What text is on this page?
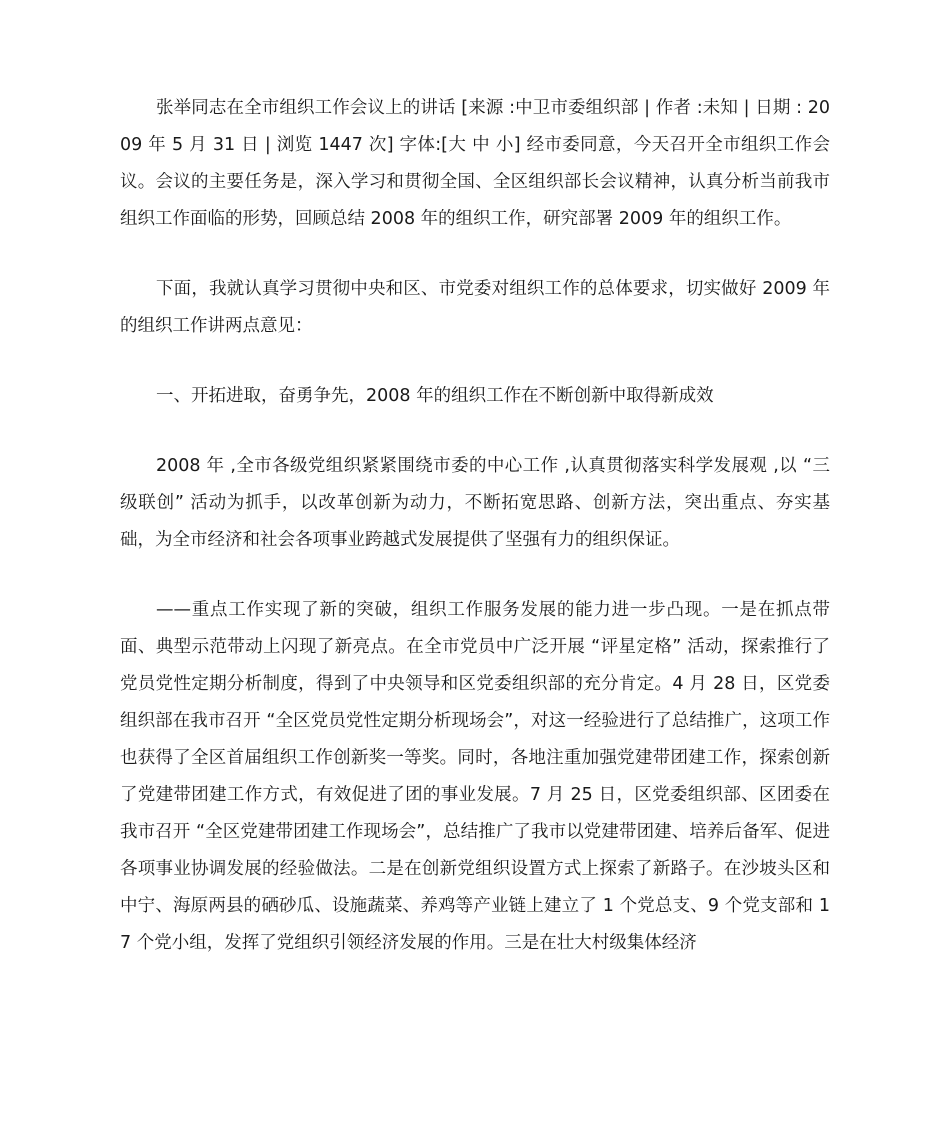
张举同志在全市组织工作会议上的讲话 [来源 :中卫市委组织部 | 作者 :未知 | 日期 : 2009 年 5 月 31 日 | 浏览 1447 次] 字体:[大 中 小] 经市委同意，今天召开全市组织工作会议。会议的主要任务是，深入学习和贯彻全国、全区组织部长会议精神，认真分析当前我市组织工作面临的形势，回顾总结 2008 年的组织工作，研究部署 2009 年的组织工作。

下面，我就认真学习贯彻中央和区、市党委对组织工作的总体要求，切实做好 2009 年的组织工作讲两点意见：

一、开拓进取，奋勇争先，2008 年的组织工作在不断创新中取得新成效

2008 年 ,全市各级党组织紧紧围绕市委的中心工作 ,认真贯彻落实科学发展观 ,以 “三级联创” 活动为抓手，以改革创新为动力，不断拓宽思路、创新方法，突出重点、夯实基础，为全市经济和社会各项事业跨越式发展提供了坚强有力的组织保证。

——重点工作实现了新的突破，组织工作服务发展的能力进一步凸现。一是在抓点带面、典型示范带动上闪现了新亮点。在全市党员中广泛开展 “评星定格” 活动，探索推行了党员党性定期分析制度，得到了中央领导和区党委组织部的充分肯定。4 月 28 日，区党委组织部在我市召开 “全区党员党性定期分析现场会”，对这一经验进行了总结推广，这项工作也获得了全区首届组织工作创新奖一等奖。同时，各地注重加强党建带团建工作，探索创新了党建带团建工作方式，有效促进了团的事业发展。7 月 25 日，区党委组织部、区团委在我市召开 “全区党建带团建工作现场会”，总结推广了我市以党建带团建、培养后备军、促进各项事业协调发展的经验做法。二是在创新党组织设置方式上探索了新路子。在沙坡头区和中宁、海原两县的硒砂瓜、设施蔬菜、养鸡等产业链上建立了 1 个党总支、9 个党支部和 17 个党小组，发挥了党组织引领经济发展的作用。三是在壮大村级集体经济
